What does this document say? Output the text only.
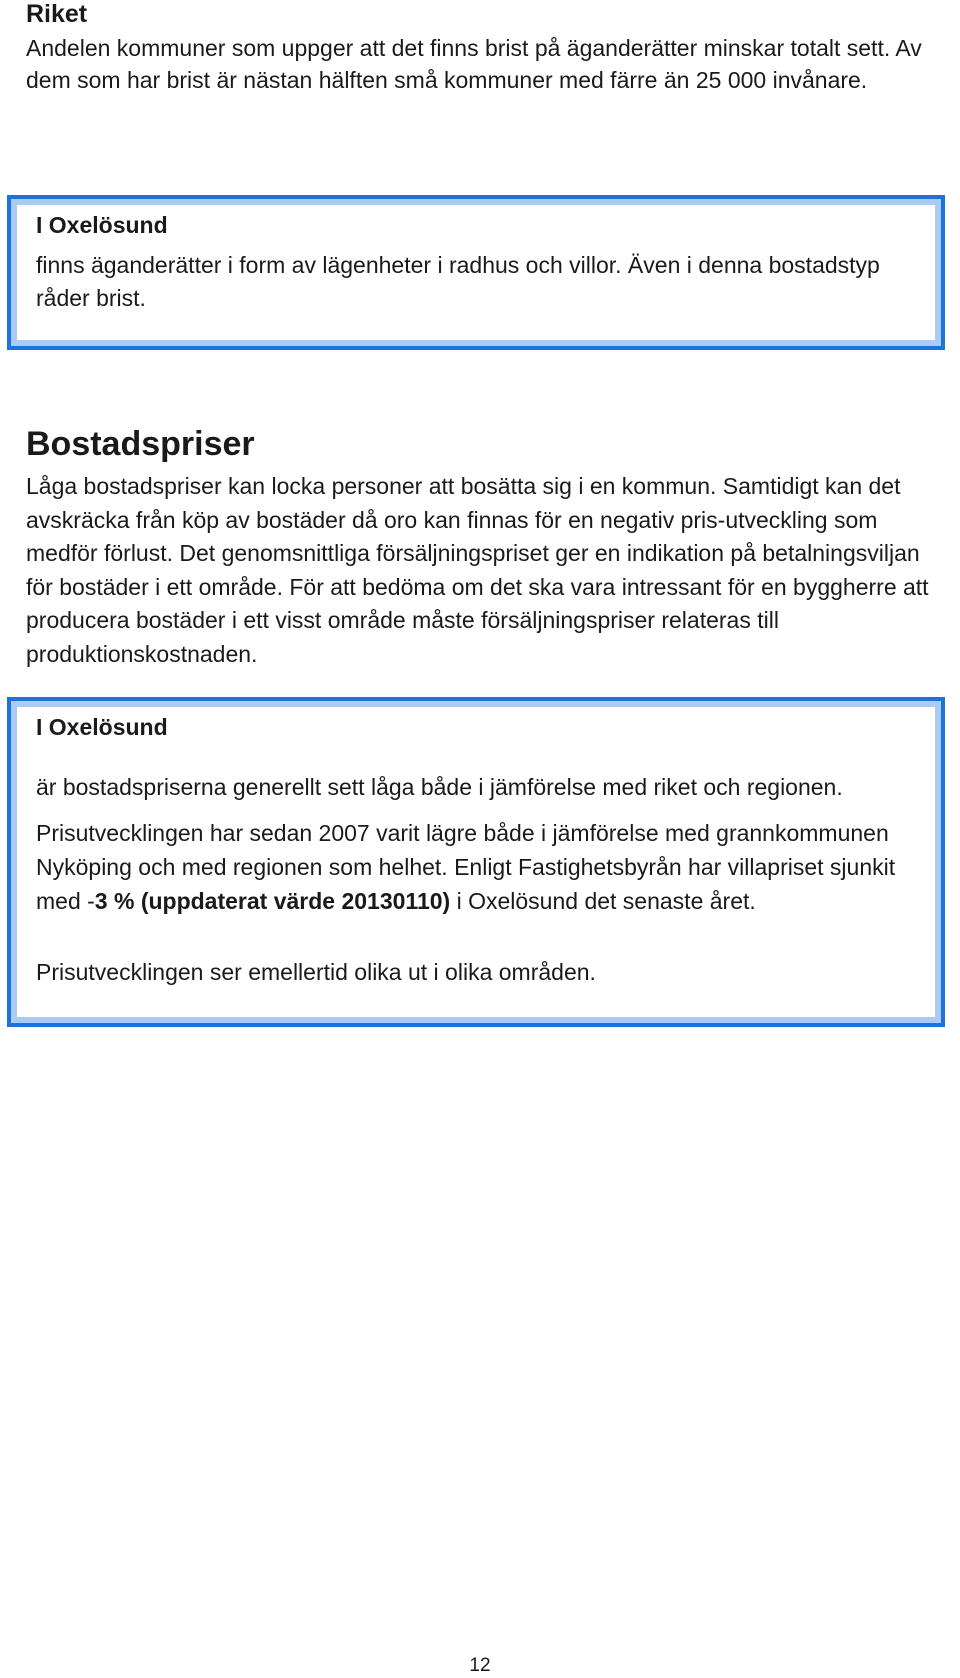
Riket

Andelen kommuner som uppger att det finns brist på äganderätter minskar totalt sett. Av dem som har brist är nästan hälften små kommuner med färre än 25 000 invånare.

I Oxelösund

finns äganderätter i form av lägenheter i radhus och villor. Även i denna bostadstyp råder brist.

Bostadspriser

Låga bostadspriser kan locka personer att bosätta sig i en kommun. Samtidigt kan det avskräcka från köp av bostäder då oro kan finnas för en negativ pris-utveckling som medför förlust. Det genomsnittliga försäljningspriset ger en indikation på betalningsviljan för bostäder i ett område. För att bedöma om det ska vara intressant för en byggherre att producera bostäder i ett visst område måste försäljningspriser relateras till produktionskostnaden.

I Oxelösund

är bostadspriserna generellt sett låga både i jämförelse med riket och regionen.

Prisutvecklingen har sedan 2007 varit lägre både i jämförelse med grannkommunen Nyköping och med regionen som helhet. Enligt Fastighetsbyrån har villapriset sjunkit med -3 % (uppdaterat värde 20130110) i Oxelösund det senaste året.

Prisutvecklingen ser emellertid olika ut i olika områden.

12
